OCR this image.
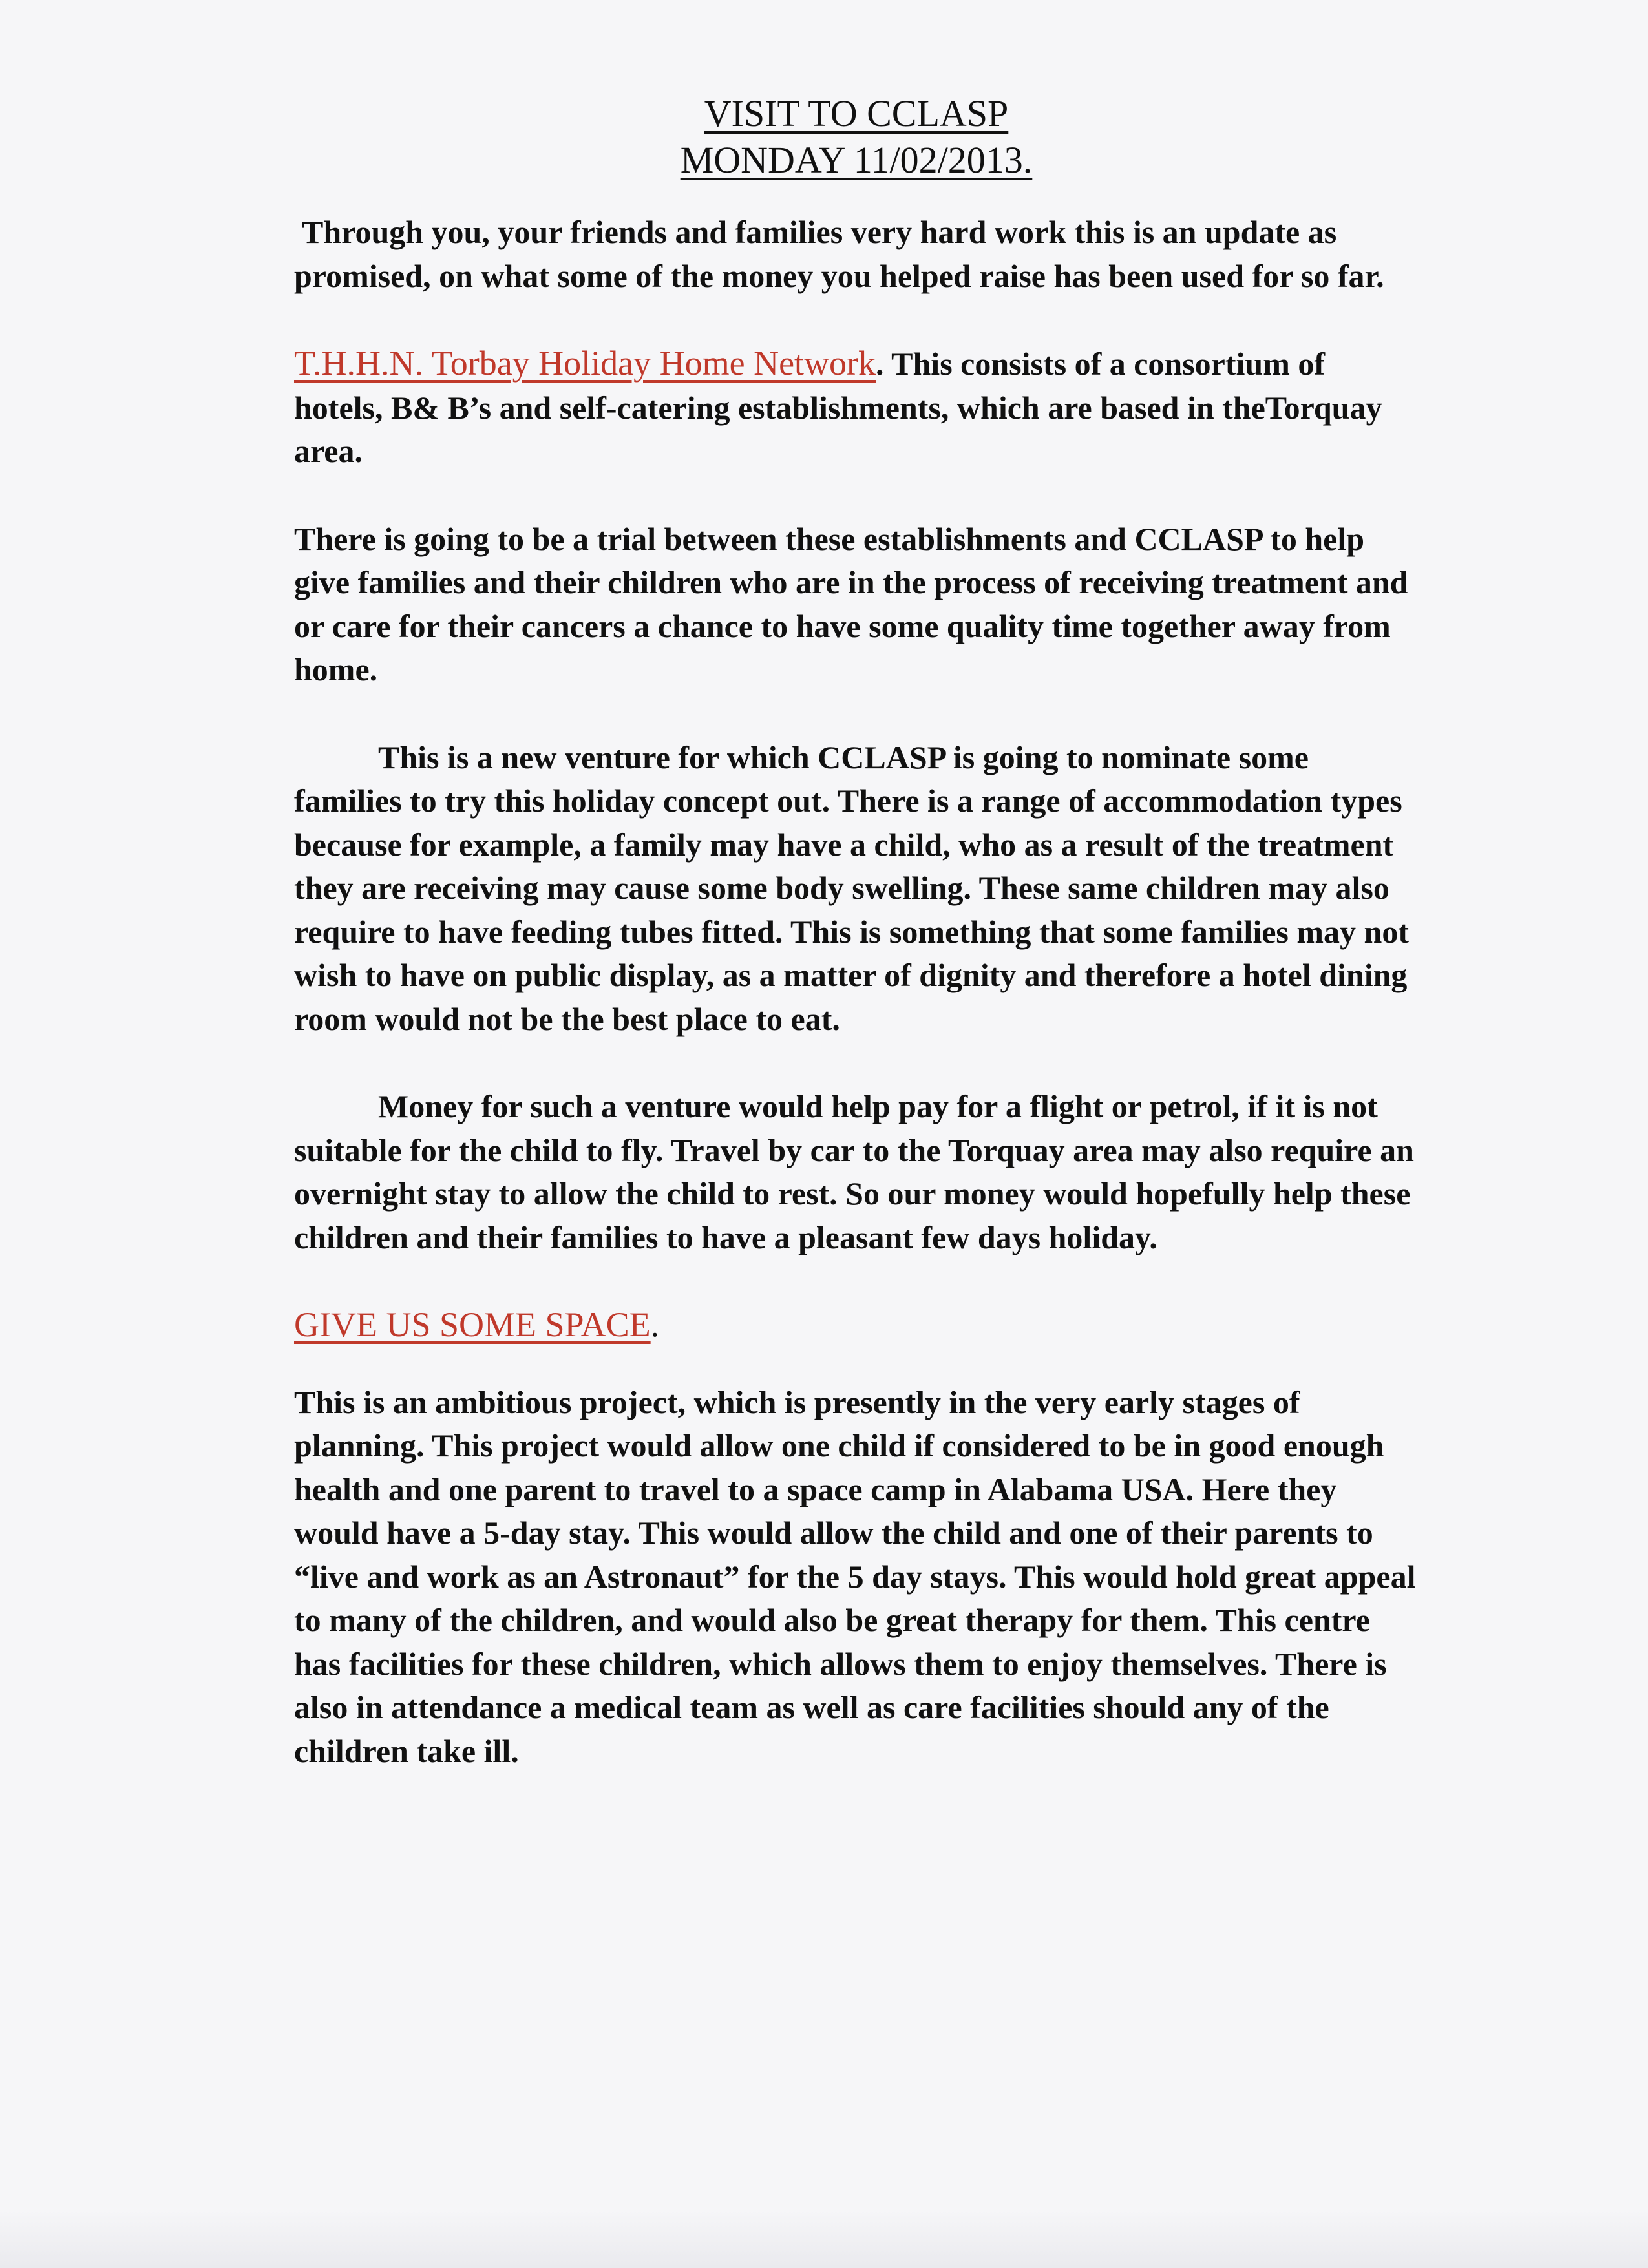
VISIT TO CCLASP
MONDAY 11/02/2013.

Through you, your friends and families very hard work this is an update as promised, on what some of the money you helped raise has been used for so far.

T.H.H.N. Torbay Holiday Home Network. This consists of a consortium of hotels, B& B’s and self-catering establishments, which are based in theTorquay area.

There is going to be a trial between these establishments and CCLASP to help give families and their children who are in the process of receiving treatment and or care for their cancers a chance to have some quality time together away from home.

This is a new venture for which CCLASP is going to nominate some families to try this holiday concept out. There is a range of accommodation types because for example, a family may have a child, who as a result of the treatment they are receiving may cause some body swelling. These same children may also require to have feeding tubes fitted. This is something that some families may not wish to have on public display, as a matter of dignity and therefore a hotel dining room would not be the best place to eat.

Money for such a venture would help pay for a flight or petrol, if it is not suitable for the child to fly. Travel by car to the Torquay area may also require an overnight stay to allow the child to rest. So our money would hopefully help these children and their families to have a pleasant few days holiday.

GIVE US SOME SPACE.

This is an ambitious project, which is presently in the very early stages of planning. This project would allow one child if considered to be in good enough health and one parent to travel to a space camp in Alabama USA. Here they would have a 5-day stay. This would allow the child and one of their parents to “live and work as an Astronaut” for the 5 day stays. This would hold great appeal to many of the children, and would also be great therapy for them. This centre has facilities for these children, which allows them to enjoy themselves. There is also in attendance a medical team as well as care facilities should any of the children take ill.
